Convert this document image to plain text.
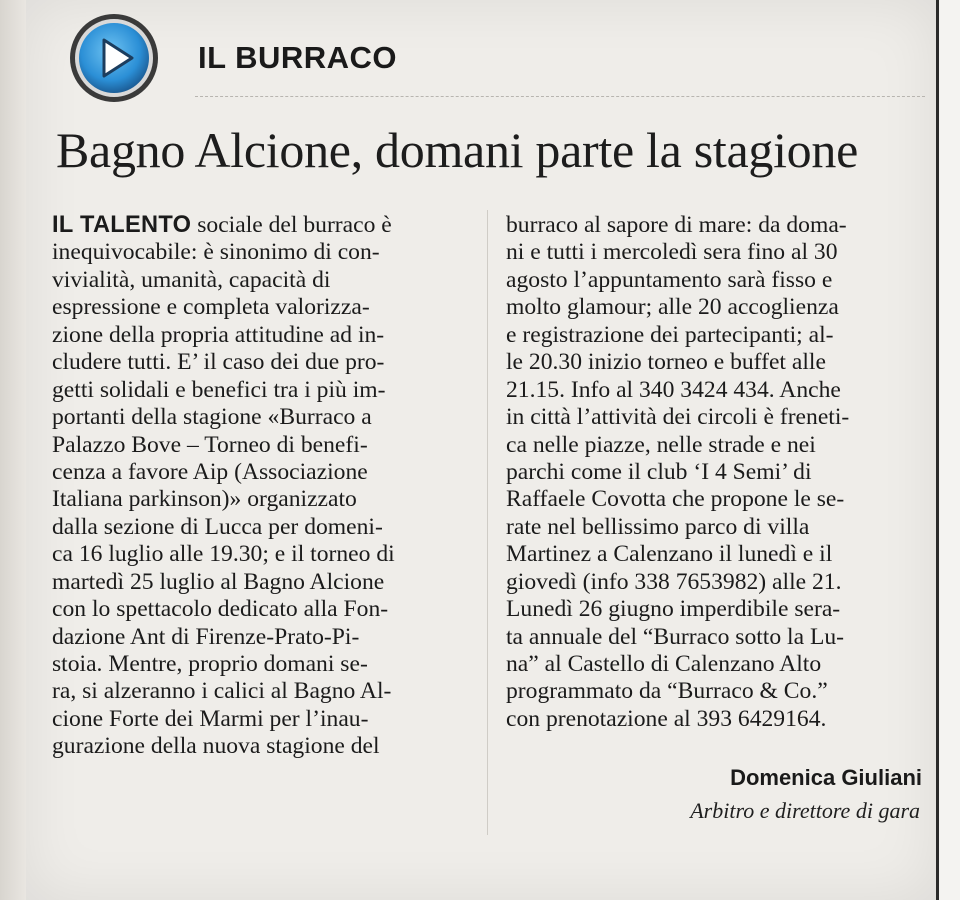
IL BURRACO
Bagno Alcione, domani parte la stagione
IL TALENTO sociale del burraco è
inequivocabile: è sinonimo di con-
vivialità, umanità, capacità di
espressione e completa valorizza-
zione della propria attitudine ad in-
cludere tutti. E’ il caso dei due pro-
getti solidali e benefici tra i più im-
portanti della stagione «Burraco a
Palazzo Bove – Torneo di benefi-
cenza a favore Aip (Associazione
Italiana parkinson)» organizzato
dalla sezione di Lucca per domeni-
ca 16 luglio alle 19.30; e il torneo di
martedì 25 luglio al Bagno Alcione
con lo spettacolo dedicato alla Fon-
dazione Ant di Firenze-Prato-Pi-
stoia. Mentre, proprio domani se-
ra, si alzeranno i calici al Bagno Al-
cione Forte dei Marmi per l’inau-
gurazione della nuova stagione del
burraco al sapore di mare: da doma-
ni e tutti i mercoledì sera fino al 30
agosto l’appuntamento sarà fisso e
molto glamour; alle 20 accoglienza
e registrazione dei partecipanti; al-
le 20.30 inizio torneo e buffet alle
21.15. Info al 340 3424 434. Anche
in città l’attività dei circoli è freneti-
ca nelle piazze, nelle strade e nei
parchi come il club ‘I 4 Semi’ di
Raffaele Covotta che propone le se-
rate nel bellissimo parco di villa
Martinez a Calenzano il lunedì e il
giovedì (info 338 7653982) alle 21.
Lunedì 26 giugno imperdibile sera-
ta annuale del “Burraco sotto la Lu-
na” al Castello di Calenzano Alto
programmato da “Burraco & Co.”
con prenotazione al 393 6429164.
Domenica Giuliani
Arbitro e direttore di gara
